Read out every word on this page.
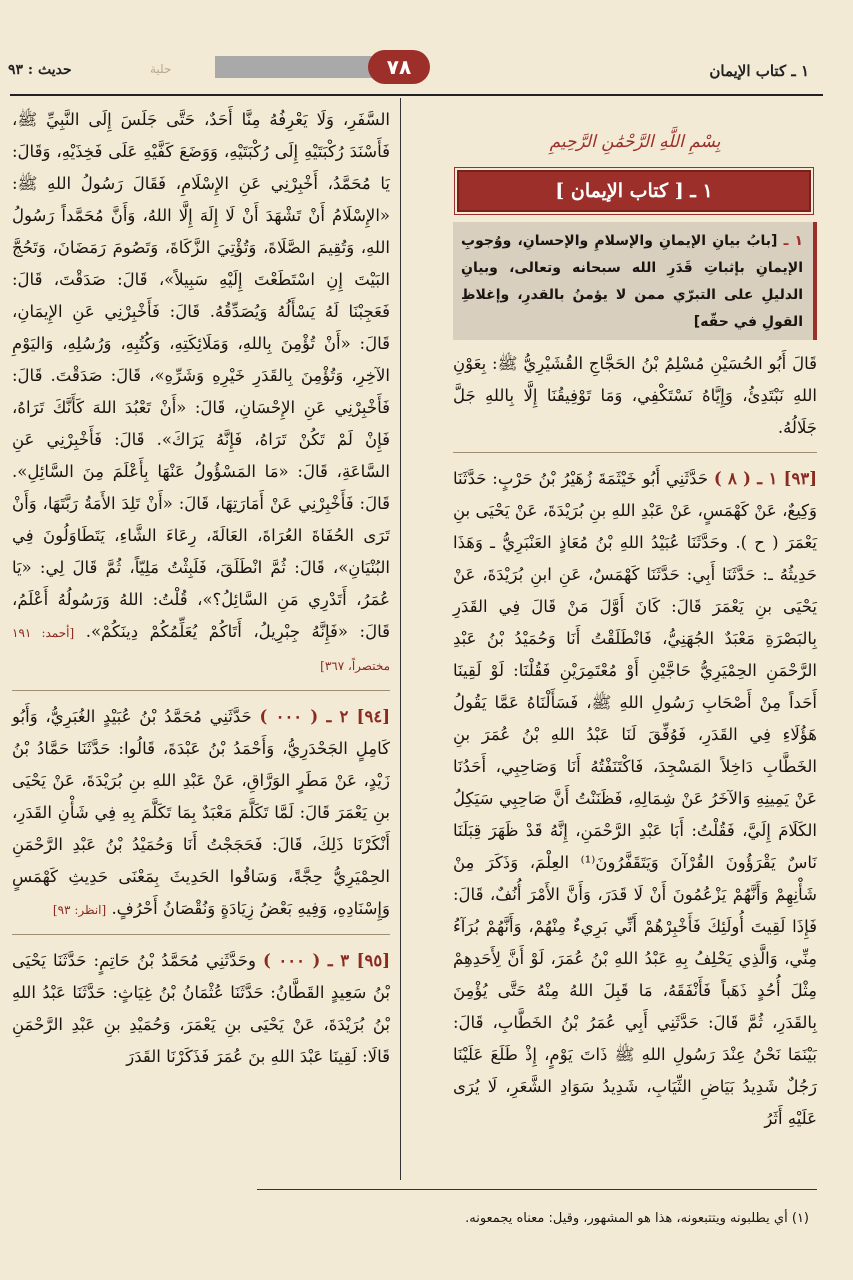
١ ـ كتاب الإيمان
٧٨
حلية
حديث : ٩٣
بِسْمِ اللَّهِ الرَّحْمَٰنِ الرَّحِيمِ
١ ـ [ كتاب الإيمان ]
١ ـ [بابُ بيانِ الإيمانِ والإسلامِ والإحسانِ، ووُجوبِ الإيمانِ بإثباتِ قَدَرِ الله سبحانه وتعالى، وبيانِ الدليلِ على التبرّي ممن لا يؤمنُ بالقدرِ، وإغلاظِ القولِ في حقّه]

قَالَ أَبُو الحُسَيْنِ مُسْلِمُ بْنُ الحَجَّاجِ القُشَيْرِيُّ ﷺ: بِعَوْنِ اللهِ نَبْتَدِئُ، وَإِيَّاهُ نَسْتَكْفِي، وَمَا تَوْفِيقُنَا إِلَّا بِاللهِ جَلَّ جَلَالُهُ.

[٩٣] ١ ـ ( ٨ ) حَدَّثَنِي أَبُو خَيْثَمَةَ زُهَيْرُ بْنُ حَرْبٍ: حَدَّثَنَا وَكِيعٌ، عَنْ كَهْمَسٍ، عَنْ عَبْدِ اللهِ بنِ بُرَيْدَةَ، عَنْ يَحْيَى بنِ يَعْمَرَ ( ح ). وحَدَّثَنَا عُبَيْدُ اللهِ بْنُ مُعَاذٍ العَنْبَرِيُّ ـ وَهَذَا حَدِيثُهُ ـ: حَدَّثَنَا أَبِي: حَدَّثَنَا كَهْمَسٌ، عَنِ ابنِ بُرَيْدَةَ، عَنْ يَحْيَى بنِ يَعْمَرَ قَالَ: كَانَ أَوَّلَ مَنْ قَالَ فِي القَدَرِ بِالبَصْرَةِ مَعْبَدٌ الجُهَنِيُّ، فَانْطَلَقْتُ أَنَا وَحُمَيْدُ بْنُ عَبْدِ الرَّحْمَنِ الحِمْيَرِيُّ حَاجَّيْنِ أَوْ مُعْتَمِرَيْنِ فَقُلْنَا: لَوْ لَقِينَا أَحَداً مِنْ أَصْحَابِ رَسُولِ اللهِ ﷺ، فَسَأَلْنَاهُ عَمَّا يَقُولُ هَؤُلَاءِ فِي القَدَرِ، فَوُفِّقَ لَنَا عَبْدُ اللهِ بْنُ عُمَرَ بنِ الخَطَّابِ دَاخِلاً المَسْجِدَ، فَاكْتَنَفْتُهُ أَنَا وَصَاحِبِي، أَحَدُنَا عَنْ يَمِينِهِ وَالآخَرُ عَنْ شِمَالِهِ، فَظَنَنْتُ أَنَّ صَاحِبِي سَيَكِلُ الكَلَامَ إِلَيَّ، فَقُلْتُ: أَبَا عَبْدِ الرَّحْمَنِ، إِنَّهُ قَدْ ظَهَرَ قِبَلَنَا نَاسٌ يَقْرَؤُونَ القُرْآنَ وَيَتَقَفَّرُونَ⁽¹⁾ العِلْمَ، وَذَكَرَ مِنْ شَأْنِهِمْ وَأَنَّهُمْ يَزْعُمُونَ أَنْ لَا قَدَرَ، وَأَنَّ الأَمْرَ أُنُفٌ، قَالَ: فَإِذَا لَقِيتَ أُولَئِكَ فَأَخْبِرْهُمْ أَنِّي بَرِيءٌ مِنْهُمْ، وَأَنَّهُمْ بُرَآءُ مِنِّي، وَالَّذِي يَحْلِفُ بِهِ عَبْدُ اللهِ بْنُ عُمَرَ، لَوْ أَنَّ لِأَحَدِهِمْ مِثْلَ أُحُدٍ ذَهَباً فَأَنْفَقَهُ، مَا قَبِلَ اللهُ مِنْهُ حَتَّى يُؤْمِنَ بِالقَدَرِ، ثُمَّ قَالَ: حَدَّثَنِي أَبِي عُمَرُ بْنُ الخَطَّابِ، قَالَ: بَيْنَمَا نَحْنُ عِنْدَ رَسُولِ اللهِ ﷺ ذَاتَ يَوْمٍ، إِذْ طَلَعَ عَلَيْنَا رَجُلٌ شَدِيدُ بَيَاضِ الثِّيَابِ، شَدِيدُ سَوَادِ الشَّعَرِ، لَا يُرَى عَلَيْهِ أَثَرُ

السَّفَرِ، وَلَا يَعْرِفُهُ مِنَّا أَحَدٌ، حَتَّى جَلَسَ إِلَى النَّبِيِّ ﷺ، فَأَسْنَدَ رُكْبَتَيْهِ إِلَى رُكْبَتَيْهِ، وَوَضَعَ كَفَّيْهِ عَلَى فَخِذَيْهِ، وَقَالَ: يَا مُحَمَّدُ، أَخْبِرْنِي عَنِ الإِسْلَامِ، فَقَالَ رَسُولُ اللهِ ﷺ: «الإِسْلَامُ أَنْ تَشْهَدَ أَنْ لَا إِلَهَ إِلَّا اللهُ، وَأَنَّ مُحَمَّداً رَسُولُ اللهِ، وَتُقِيمَ الصَّلَاةَ، وَتُؤْتِيَ الزَّكَاةَ، وَتَصُومَ رَمَضَانَ، وَتَحُجَّ البَيْتَ إِنِ اسْتَطَعْتَ إِلَيْهِ سَبِيلاً»، قَالَ: صَدَقْتَ، قَالَ: فَعَجِبْنَا لَهُ يَسْأَلُهُ وَيُصَدِّقُهُ. قَالَ: فَأَخْبِرْنِي عَنِ الإِيمَانِ، قَالَ: «أَنْ تُؤْمِنَ بِاللهِ، وَمَلَائِكَتِهِ، وَكُتُبِهِ، وَرُسُلِهِ، وَاليَوْمِ الآخِرِ، وَتُؤْمِنَ بِالقَدَرِ خَيْرِهِ وَشَرِّهِ»، قَالَ: صَدَقْتَ. قَالَ: فَأَخْبِرْنِي عَنِ الإِحْسَانِ، قَالَ: «أَنْ تَعْبُدَ اللهَ كَأَنَّكَ تَرَاهُ، فَإِنْ لَمْ تَكُنْ تَرَاهُ، فَإِنَّهُ يَرَاكَ». قَالَ: فَأَخْبِرْنِي عَنِ السَّاعَةِ، قَالَ: «مَا المَسْؤُولُ عَنْهَا بِأَعْلَمَ مِنَ السَّائِلِ». قَالَ: فَأَخْبِرْنِي عَنْ أَمَارَتِهَا، قَالَ: «أَنْ تَلِدَ الأَمَةُ رَبَّتَهَا، وَأَنْ تَرَى الحُفَاةَ العُرَاةَ، العَالَةَ، رِعَاءَ الشَّاءِ، يَتَطَاوَلُونَ فِي البُنْيَانِ»، قَالَ: ثُمَّ انْطَلَقَ، فَلَبِثْتُ مَلِيّاً، ثُمَّ قَالَ لِي: «يَا عُمَرُ، أَتَدْرِي مَنِ السَّائِلُ؟»، قُلْتُ: اللهُ وَرَسُولُهُ أَعْلَمُ، قَالَ: «فَإِنَّهُ جِبْرِيلُ، أَتَاكُمْ يُعَلِّمُكُمْ دِينَكُمْ». [أحمد: ١٩١ مختصراً، ٣٦٧]

[٩٤] ٢ ـ ( ٠٠٠ ) حَدَّثَنِي مُحَمَّدُ بْنُ عُبَيْدٍ الغُبَرِيُّ، وَأَبُو كَامِلٍ الجَحْدَرِيُّ، وَأَحْمَدُ بْنُ عَبْدَةَ، قَالُوا: حَدَّثَنَا حَمَّادُ بْنُ زَيْدٍ، عَنْ مَطَرٍ الوَرَّاقِ، عَنْ عَبْدِ اللهِ بنِ بُرَيْدَةَ، عَنْ يَحْيَى بنِ يَعْمَرَ قَالَ: لَمَّا تَكَلَّمَ مَعْبَدٌ بِمَا تَكَلَّمَ بِهِ فِي شَأْنِ القَدَرِ، أَنْكَرْنَا ذَلِكَ، قَالَ: فَحَجَجْتُ أَنَا وَحُمَيْدُ بْنُ عَبْدِ الرَّحْمَنِ الحِمْيَرِيُّ حِجَّةً، وَسَاقُوا الحَدِيثَ بِمَعْنَى حَدِيثِ كَهْمَسٍ وَإِسْنَادِهِ، وَفِيهِ بَعْضُ زِيَادَةٍ وَنُقْصَانُ أَحْرُفٍ. [انظر: ٩٣]

[٩٥] ٣ ـ ( ٠٠٠ ) وحَدَّثَنِي مُحَمَّدُ بْنُ حَاتِمٍ: حَدَّثَنَا يَحْيَى بْنُ سَعِيدٍ القَطَّانُ: حَدَّثَنَا عُثْمَانُ بْنُ غِيَاثٍ: حَدَّثَنَا عَبْدُ اللهِ بْنُ بُرَيْدَةَ، عَنْ يَحْيَى بنِ يَعْمَرَ، وَحُمَيْدِ بنِ عَبْدِ الرَّحْمَنِ قَالَا: لَقِينَا عَبْدَ اللهِ بنَ عُمَرَ فَذَكَرْنَا القَدَرَ

(١) أي يطلبونه ويتتبعونه، هذا هو المشهور، وقيل: معناه يجمعونه.
